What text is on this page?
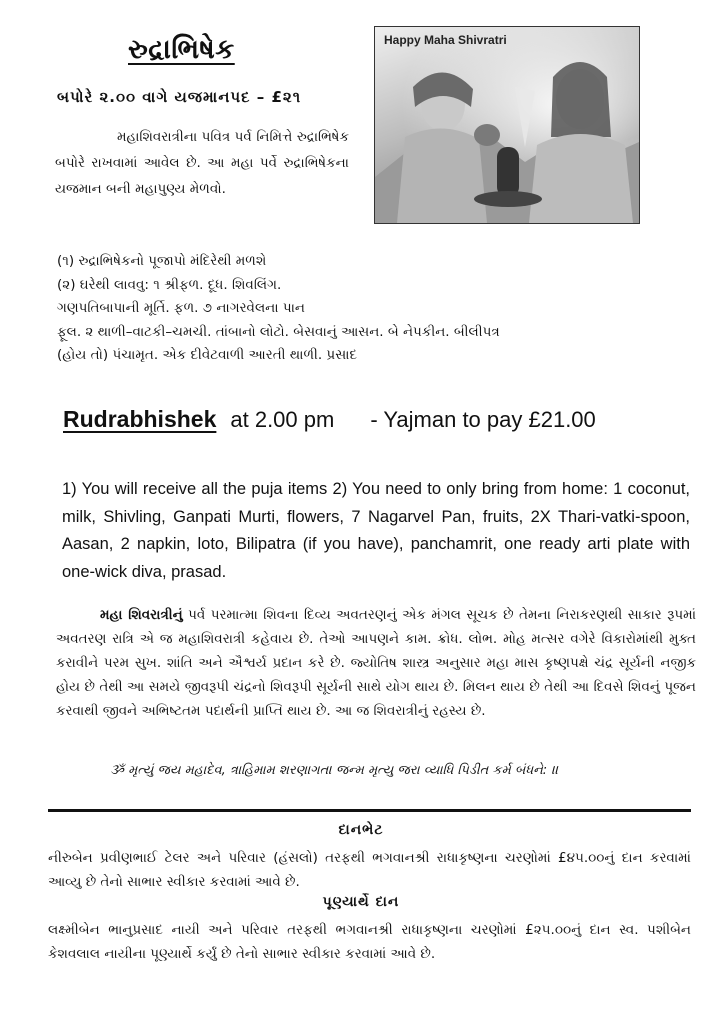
રુદ્રાભિષેક
બપોરે ૨.૦૦ વાગે યજમાનપદ – £૨૧
મહાશિવરાત્રીના પવિત્ર પર્વ નિમિત્તે રુદ્રાભિષેક બપોરે રાખવામાં આવેલ છે. આ મહા પર્વે રુદ્રાભિષેકના યજમાન બની મહાપુણ્ય મેળવો.
Happy Maha Shivratri
(૧) રુદ્રાભિષેકનો પૂજાપો મંદિરેથી મળશે
(૨) ઘરેથી લાવવુ: ૧ શ્રીફળ. દૂધ. શિવલિંગ.
ગણપતિબાપાની મૂર્તિ. ફળ. ૭ નાગરવેલના પાન
ફૂલ. ૨ થાળી–વાટકી–ચમચી. તાંબાનો લોટો. બેસવાનું આસન. બે નેપકીન. બીલીપત્ર
(હોય તો) પંચામૃત. એક દીવેટવાળી આરતી થાળી. પ્રસાદ
Rudrabhishek at 2.00 pm - Yajman to pay £21.00
1) You will receive all the puja items 2) You need to only bring from home: 1 coconut, milk, Shivling, Ganpati Murti, flowers, 7 Nagarvel Pan, fruits, 2X Thari-vatki-spoon, Aasan, 2 napkin, loto, Bilipatra (if you have), panchamrit, one ready arti plate with one-wick diva, prasad.
મહા શિવરાત્રીનું પર્વ પરમાત્મા શિવના દિવ્ય અવતરણનું એક મંગલ સૂચક છે તેમના નિરાકરણથી સાકાર રૂપમાં અવતરણ રાત્રિ એ જ મહાશિવરાત્રી કહેવાય છે. તેઓ આપણને કામ. ક્રોધ. લોભ. મોહ મત્સર વગેરે વિકારોમાંથી મુક્ત કરાવીને પરમ સુખ. શાંતિ અને ઐશ્વર્ય પ્રદાન કરે છે. જ્યોતિષ શાસ્ત્ર અનુસાર મહા માસ કૃષ્ણપક્ષે ચંદ્ર સૂર્યની નજીક હોય છે તેથી આ સમયે જીવરૂપી ચંદ્રનો શિવરૂપી સૂર્યની સાથે યોગ થાય છે. મિલન થાય છે તેથી આ દિવસે શિવનું પૂજન કરવાથી જીવને અભિષ્ટતમ પદાર્થની પ્રાપ્તિ થાય છે. આ જ શિવરાત્રીનું રહસ્ય છે.
ૐ મૃત્યું જય મહાદેવ, ત્રાહિમામ શરણાગત। જન્મ મૃત્યુ જરા વ્યાધિ પિડીત કર્મ બંધને: ।।
દાનભેટ
નીરુબેન પ્રવીણભાઈ ટેલર અને પરિવાર (હંસલો) તરફથી ભગવાનશ્રી રાધાકૃષ્ણના ચરણોમાં £૪૫.૦૦નું દાન કરવામાં આવ્યુ છે તેનો સાભાર સ્વીકાર કરવામાં આવે છે.
પૂણ્યાર્થે દાન
લક્ષ્મીબેન ભાનુપ્રસાદ નાયી અને પરિવાર તરફથી ભગવાનશ્રી રાધાકૃષ્ણના ચરણોમાં £૨૫.૦૦નું દાન સ્વ. પશીબેન કેશવલાલ નાયીના પૂણ્યાર્થે કર્યું છે તેનો સાભાર સ્વીકાર કરવામાં આવે છે.
